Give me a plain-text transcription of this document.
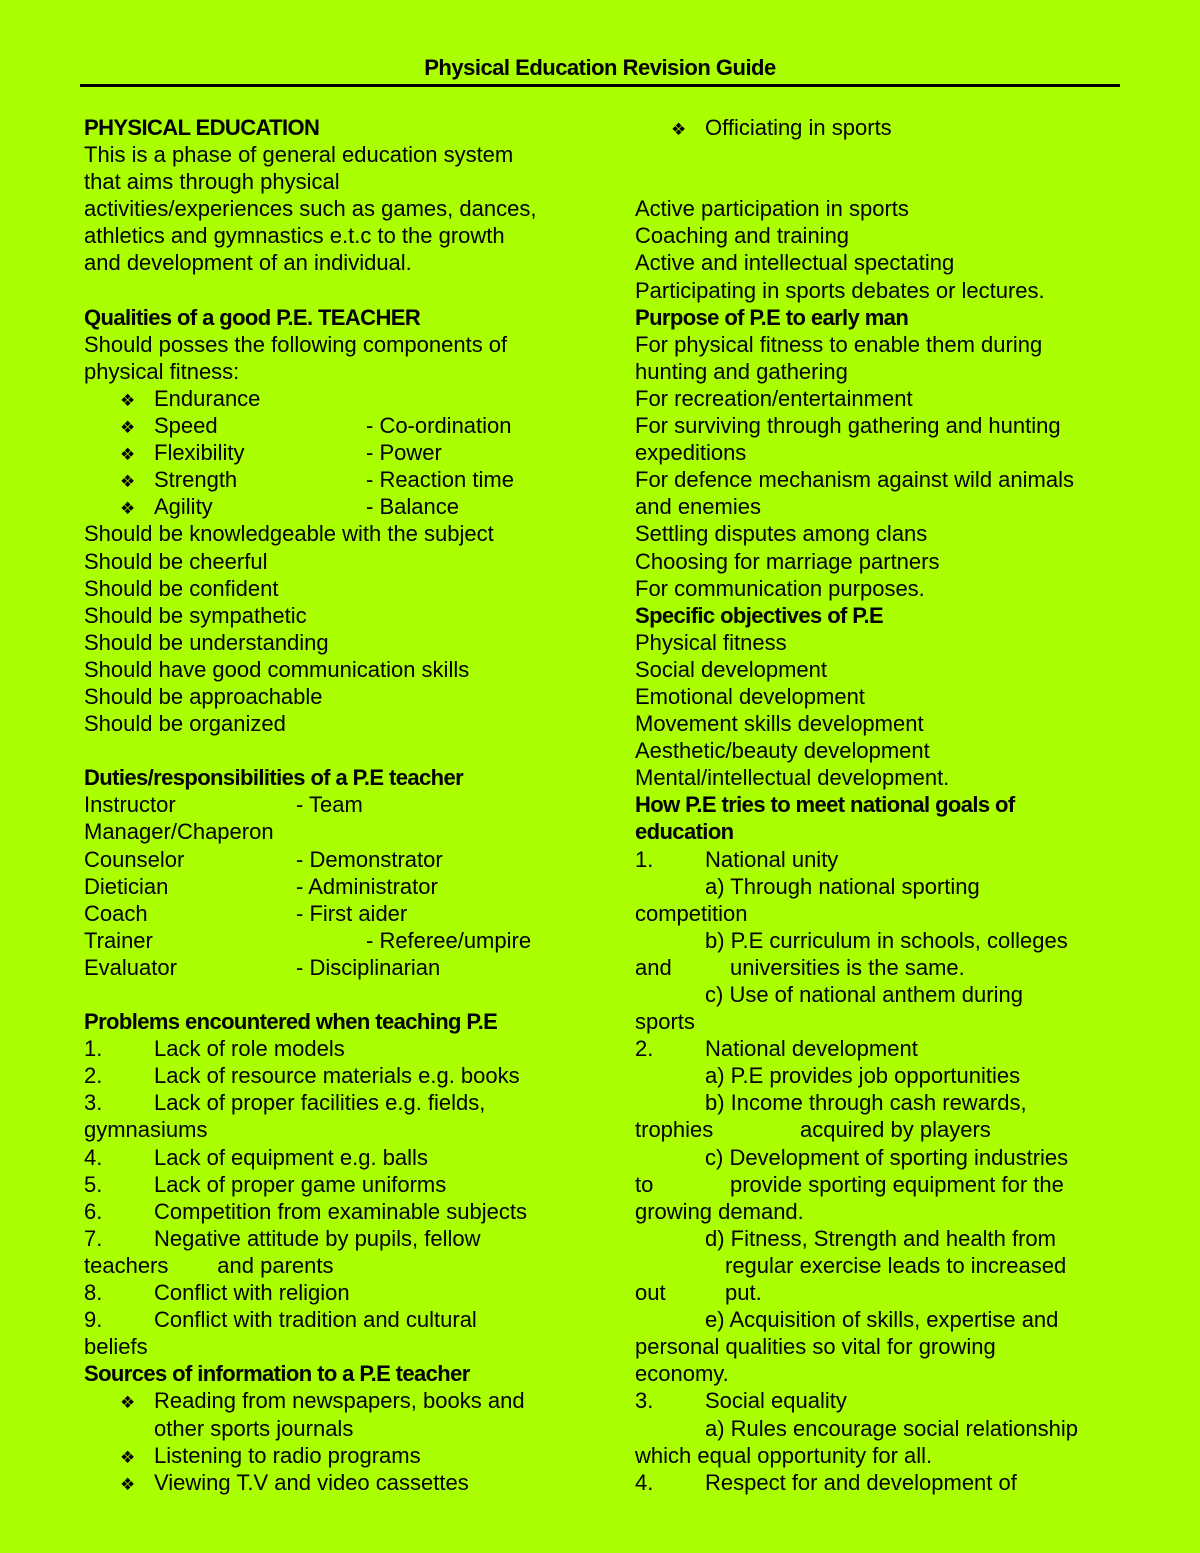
Physical Education Revision Guide
PHYSICAL EDUCATION
This is a phase of general education system
that aims through physical
activities/experiences such as games, dances,
athletics and gymnastics e.t.c to the growth
and development of an individual.
Qualities of a good P.E. TEACHER
Should posses the following components of
physical fitness:
❖ Endurance
❖ Speed	- Co-ordination
❖ Flexibility	- Power
❖ Strength	- Reaction time
❖ Agility	- Balance
Should be knowledgeable with the subject
Should be cheerful
Should be confident
Should be sympathetic
Should be understanding
Should have good communication skills
Should be approachable
Should be organized
Duties/responsibilities of a P.E teacher
Instructor	- Team
Manager/Chaperon
Counselor	- Demonstrator
Dietician	- Administrator
Coach	- First aider
Trainer	- Referee/umpire
Evaluator	- Disciplinarian
Problems encountered when teaching P.E
1. Lack of role models
2. Lack of resource materials e.g. books
3. Lack of proper facilities e.g. fields,
gymnasiums
4. Lack of equipment e.g. balls
5. Lack of proper game uniforms
6. Competition from examinable subjects
7. Negative attitude by pupils, fellow
teachers        and parents
8. Conflict with religion
9. Conflict with tradition and cultural
beliefs
Sources of information to a P.E teacher
❖ Reading from newspapers, books and
other sports journals
❖ Listening to radio programs
❖ Viewing T.V and video cassettes
❖ Officiating in sports
Active participation in sports
Coaching and training
Active and intellectual spectating
Participating in sports debates or lectures.
Purpose of P.E to early man
For physical fitness to enable them during
hunting and gathering
For recreation/entertainment
For surviving through gathering and hunting
expeditions
For defence mechanism against wild animals
and enemies
Settling disputes among clans
Choosing for marriage partners
For communication purposes.
Specific objectives of P.E
Physical fitness
Social development
Emotional development
Movement skills development
Aesthetic/beauty development
Mental/intellectual development.
How P.E tries to meet national goals of
education
1. National unity
a) Through national sporting
competition
b) P.E curriculum in schools, colleges
and	universities is the same.
c) Use of national anthem during
sports
2. National development
a) P.E provides job opportunities
b) Income through cash rewards,
trophies	acquired by players
c) Development of sporting industries
to	provide sporting equipment for the
growing demand.
d) Fitness, Strength and health from
regular exercise leads to increased
out	put.
e) Acquisition of skills, expertise and
personal qualities so vital for growing
economy.
3. Social equality
a) Rules encourage social relationship
which equal opportunity for all.
4. Respect for and development of
